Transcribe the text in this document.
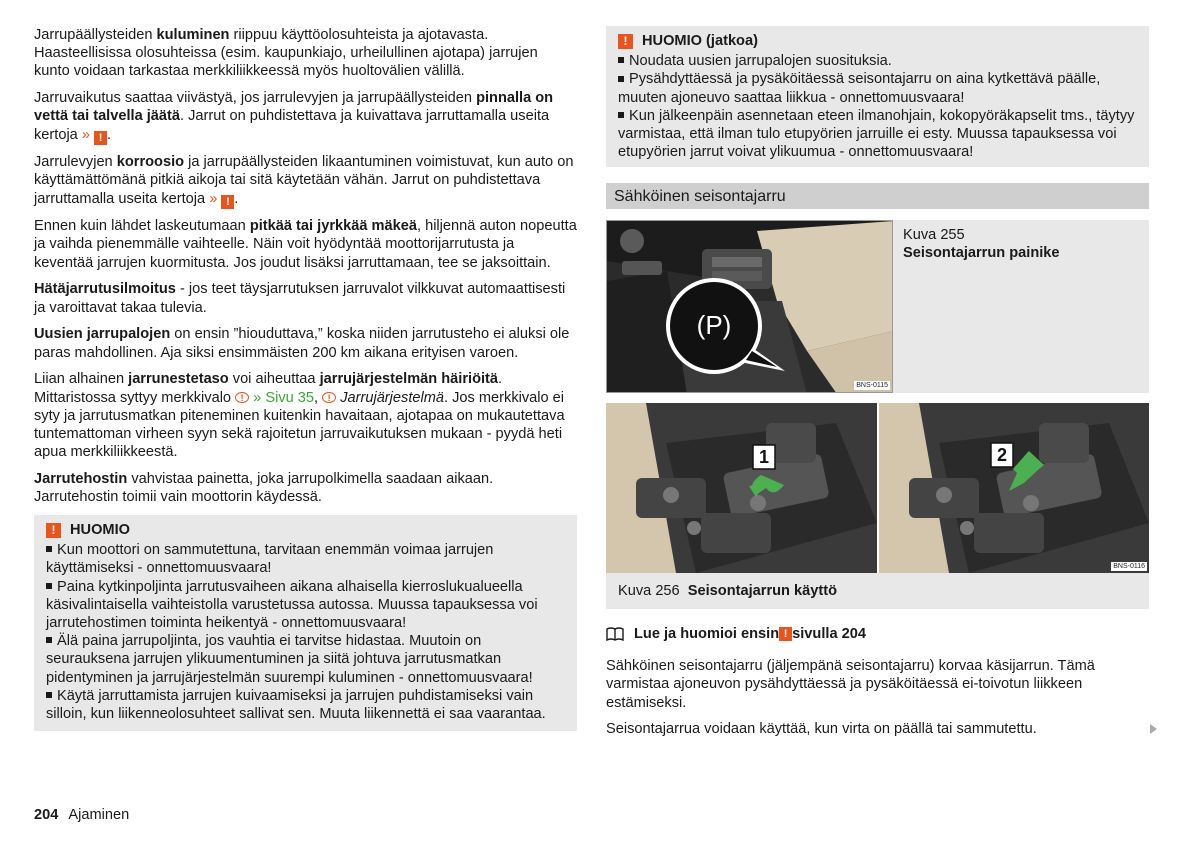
Jarrupäällysteiden kuluminen riippuu käyttöolosuhteista ja ajotavasta. Haasteellisissa olosuhteissa (esim. kaupunkiajo, urheilullinen ajotapa) jarrujen kunto voidaan tarkastaa merkkiliikkeessä myös huoltovälien välillä.

Jarruvaikutus saattaa viivästyä, jos jarrulevyjen ja jarrupäällysteiden pinnalla on vettä tai talvella jäätä. Jarrut on puhdistettava ja kuivattava jarruttamalla useita kertoja » ! .

Jarrulevyjen korroosio ja jarrupäällysteiden likaantuminen voimistuvat, kun auto on käyttämättömänä pitkiä aikoja tai sitä käytetään vähän. Jarrut on puhdistettava jarruttamalla useita kertoja » ! .

Ennen kuin lähdet laskeutumaan pitkää tai jyrkkää mäkeä, hiljennä auton nopeutta ja vaihda pienemmälle vaihteelle. Näin voit hyödyntää moottorijarrutusta ja keventää jarrujen kuormitusta. Jos joudut lisäksi jarruttamaan, tee se jaksoittain.

Hätäjarrutusilmoitus - jos teet täysjarrutuksen jarruvalot vilkkuvat automaattisesti ja varoittavat takaa tulevia.

Uusien jarrupalojen on ensin ”hiouduttava,” koska niiden jarrutusteho ei aluksi ole paras mahdollinen. Aja siksi ensimmäisten 200 km aikana erityisen varoen.

Liian alhainen jarrunestetaso voi aiheuttaa jarrujärjestelmän häiriöitä. Mittaristossa syttyy merkkivalo ! » Sivu 35, ! Jarrujärjestelmä. Jos merkkivalo ei syty ja jarrutusmatkan piteneminen kuitenkin havaitaan, ajotapaa on mukautettava tuntemattoman virheen syyn sekä rajoitetun jarruvaikutuksen mukaan - pyydä heti apua merkkiliikkeestä.

Jarrutehostin vahvistaa painetta, joka jarrupolkimella saadaan aikaan. Jarrutehostin toimii vain moottorin käydessä.

! HUOMIO
Kun moottori on sammutettuna, tarvitaan enemmän voimaa jarrujen käyttämiseksi - onnettomuusvaara!
Paina kytkinpoljinta jarrutusvaiheen aikana alhaisella kierroslukualueella käsivalintaisella vaihteistolla varustetussa autossa. Muussa tapauksessa voi jarrutehostimen toiminta heikentyä - onnettomuusvaara!
Älä paina jarrupoljinta, jos vauhtia ei tarvitse hidastaa. Muutoin on seurauksena jarrujen ylikuumentuminen ja siitä johtuva jarrutusmatkan pidentyminen ja jarrujärjestelmän suurempi kuluminen - onnettomuusvaara!
Käytä jarruttamista jarrujen kuivaamiseksi ja jarrujen puhdistamiseksi vain silloin, kun liikenneolosuhteet sallivat sen. Muuta liikennettä ei saa vaarantaa.
! HUOMIO (jatkoa)
Noudata uusien jarrupalojen suosituksia.
Pysähdyttäessä ja pysäköitäessä seisontajarru on aina kytkettävä päälle, muuten ajoneuvo saattaa liikkua - onnettomuusvaara!
Kun jälkeenpäin asennetaan eteen ilmanohjain, kokopyöräkapselit tms., täytyy varmistaa, että ilman tulo etupyörien jarruille ei esty. Muussa tapauksessa voi etupyörien jarrut voivat ylikuumua - onnettomuusvaara!
Sähköinen seisontajarru
(P)
BNS-0115
Kuva 255
Seisontajarrun painike
1	2
BNS-0116
Kuva 256 Seisontajarrun käyttö
Lue ja huomioi ensin ! sivulla 204

Sähköinen seisontajarru (jäljempänä seisontajarru) korvaa käsijarrun. Tämä varmistaa ajoneuvon pysähdyttäessä ja pysäköitäessä ei-toivotun liikkeen estämiseksi.

Seisontajarrua voidaan käyttää, kun virta on päällä tai sammutettu.

204 Ajaminen
